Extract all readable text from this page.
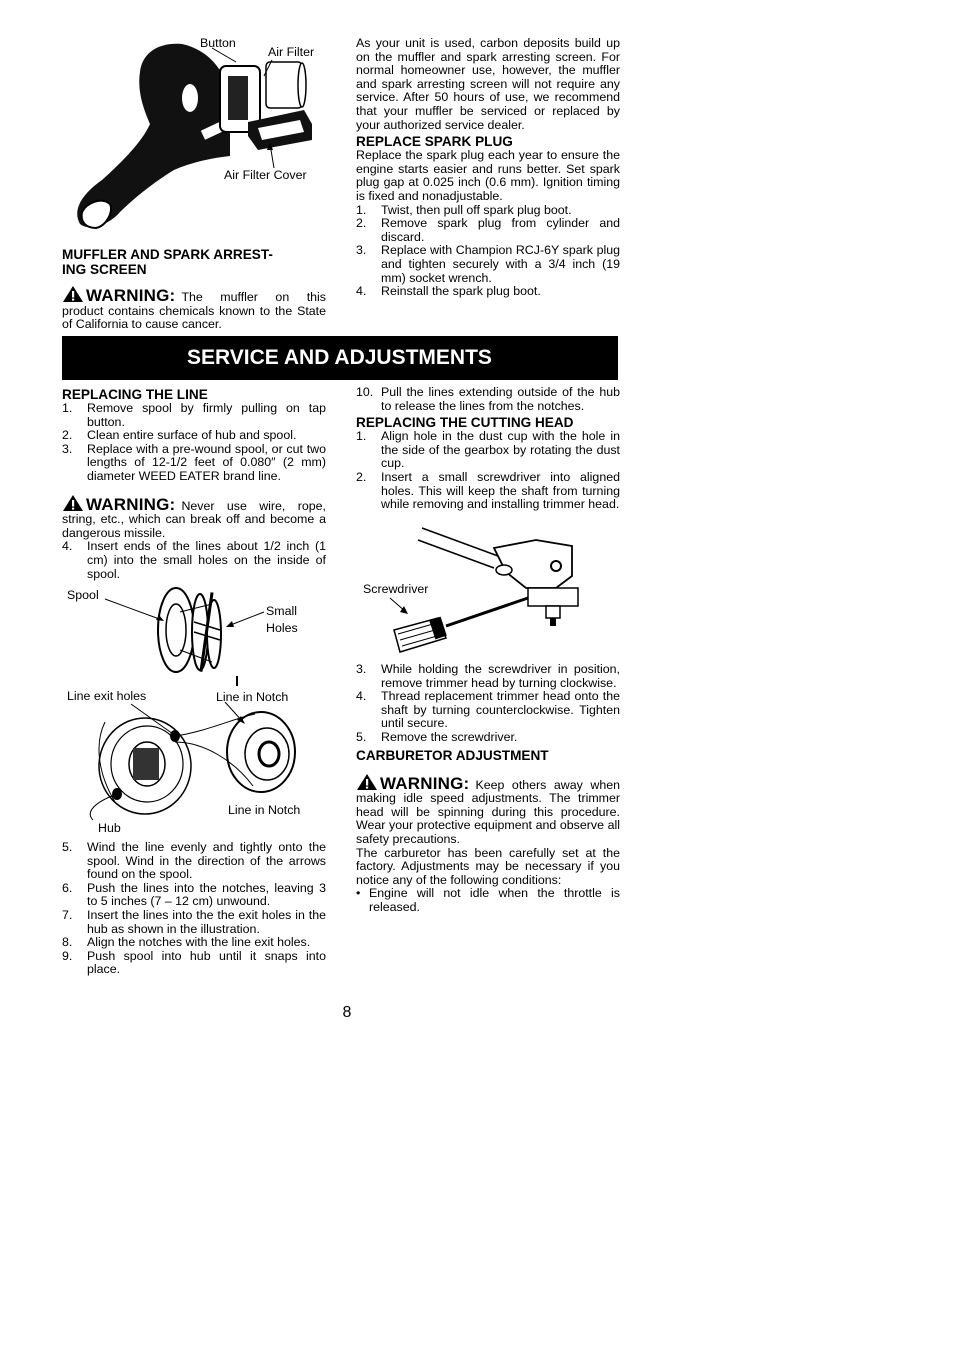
Button
Air Filter
Air Filter Cover

MUFFLER AND SPARK ARREST-

ING SCREEN

WARNING: The muffler on this product contains chemicals known to the State of California to cause cancer.

As your unit is used, carbon deposits build up on the muffler and spark arresting screen. For normal homeowner use, however, the muffler and spark arresting screen will not require any service. After 50 hours of use, we recommend that your muffler be serviced or replaced by your authorized service dealer.

REPLACE SPARK PLUG

Replace the spark plug each year to ensure the engine starts easier and runs better. Set spark plug gap at 0.025 inch (0.6 mm). Ignition timing is fixed and nonadjustable.

1. Twist, then pull off spark plug boot.
2. Remove spark plug from cylinder and discard.
3. Replace with Champion RCJ-6Y spark plug and tighten securely with a 3/4 inch (19 mm) socket wrench.
4. Reinstall the spark plug boot.
SERVICE AND ADJUSTMENTS

REPLACING THE LINE

1. Remove spool by firmly pulling on tap button.
2. Clean entire surface of hub and spool.
3. Replace with a pre-wound spool, or cut two lengths of 12-1/2 feet of 0.080″ (2 mm) diameter WEED EATER brand line.

WARNING: Never use wire, rope, string, etc., which can break off and become a dangerous missile.

4. Insert ends of the lines about 1/2 inch (1 cm) into the small holes on the inside of spool.
Spool
Small
Holes
Line exit holes	Line in Notch
Line in Notch
Hub
5. Wind the line evenly and tightly onto the spool. Wind in the direction of the arrows found on the spool.
6. Push the lines into the notches, leaving 3 to 5 inches (7 – 12 cm) unwound.
7. Insert the lines into the the exit holes in the hub as shown in the illustration.
8. Align the notches with the line exit holes.
9. Push spool into hub until it snaps into place.
10. Pull the lines extending outside of the hub to release the lines from the notches.

REPLACING THE CUTTING HEAD

1. Align hole in the dust cup with the hole in the side of the gearbox by rotating the dust cup.
2. Insert a small screwdriver into aligned holes. This will keep the shaft from turning while removing and installing trimmer head.
Screwdriver
3. While holding the screwdriver in position, remove trimmer head by turning clockwise.
4. Thread replacement trimmer head onto the shaft by turning counterclockwise. Tighten until secure.
5. Remove the screwdriver.

CARBURETOR ADJUSTMENT

WARNING: Keep others away when making idle speed adjustments. The trimmer head will be spinning during this procedure. Wear your protective equipment and observe all safety precautions.

The carburetor has been carefully set at the factory. Adjustments may be necessary if you notice any of the following conditions:

• Engine will not idle when the throttle is released.
8
